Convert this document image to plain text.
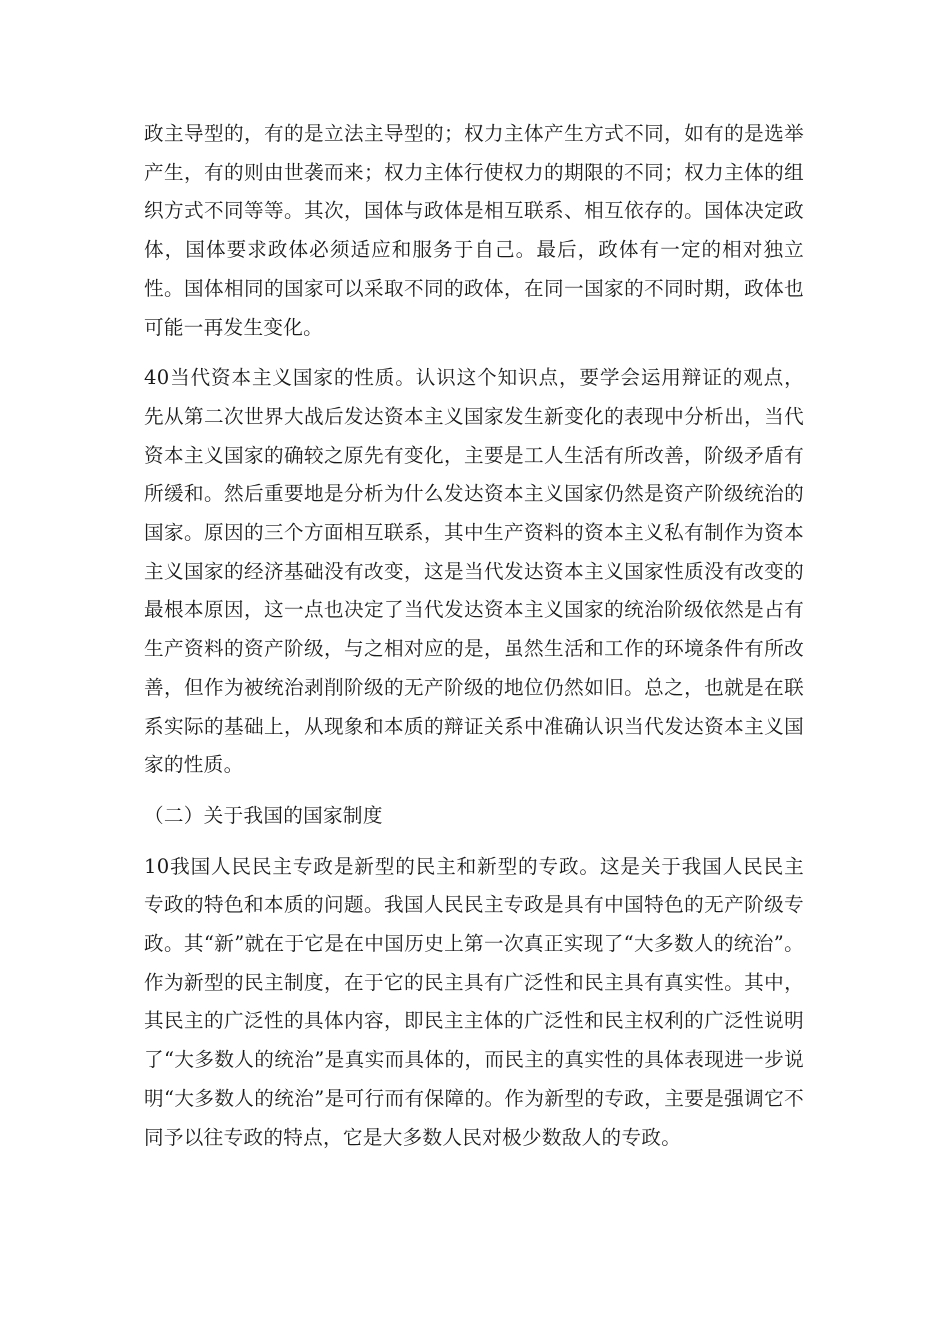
政主导型的，有的是立法主导型的；权力主体产生方式不同，如有的是选举产生，有的则由世袭而来；权力主体行使权力的期限的不同；权力主体的组织方式不同等等。其次，国体与政体是相互联系、相互依存的。国体决定政体，国体要求政体必须适应和服务于自己。最后，政体有一定的相对独立性。国体相同的国家可以采取不同的政体，在同一国家的不同时期，政体也可能一再发生变化。

40当代资本主义国家的性质。认识这个知识点，要学会运用辩证的观点，先从第二次世界大战后发达资本主义国家发生新变化的表现中分析出，当代资本主义国家的确较之原先有变化，主要是工人生活有所改善，阶级矛盾有所缓和。然后重要地是分析为什么发达资本主义国家仍然是资产阶级统治的国家。原因的三个方面相互联系，其中生产资料的资本主义私有制作为资本主义国家的经济基础没有改变，这是当代发达资本主义国家性质没有改变的最根本原因，这一点也决定了当代发达资本主义国家的统治阶级依然是占有生产资料的资产阶级，与之相对应的是，虽然生活和工作的环境条件有所改善，但作为被统治剥削阶级的无产阶级的地位仍然如旧。总之，也就是在联系实际的基础上，从现象和本质的辩证关系中准确认识当代发达资本主义国家的性质。

（二）关于我国的国家制度

10我国人民民主专政是新型的民主和新型的专政。这是关于我国人民民主专政的特色和本质的问题。我国人民民主专政是具有中国特色的无产阶级专政。其“新”就在于它是在中国历史上第一次真正实现了“大多数人的统治”。作为新型的民主制度，在于它的民主具有广泛性和民主具有真实性。其中，其民主的广泛性的具体内容，即民主主体的广泛性和民主权利的广泛性说明了“大多数人的统治”是真实而具体的，而民主的真实性的具体表现进一步说明“大多数人的统治”是可行而有保障的。作为新型的专政，主要是强调它不同予以往专政的特点，它是大多数人民对极少数敌人的专政。
